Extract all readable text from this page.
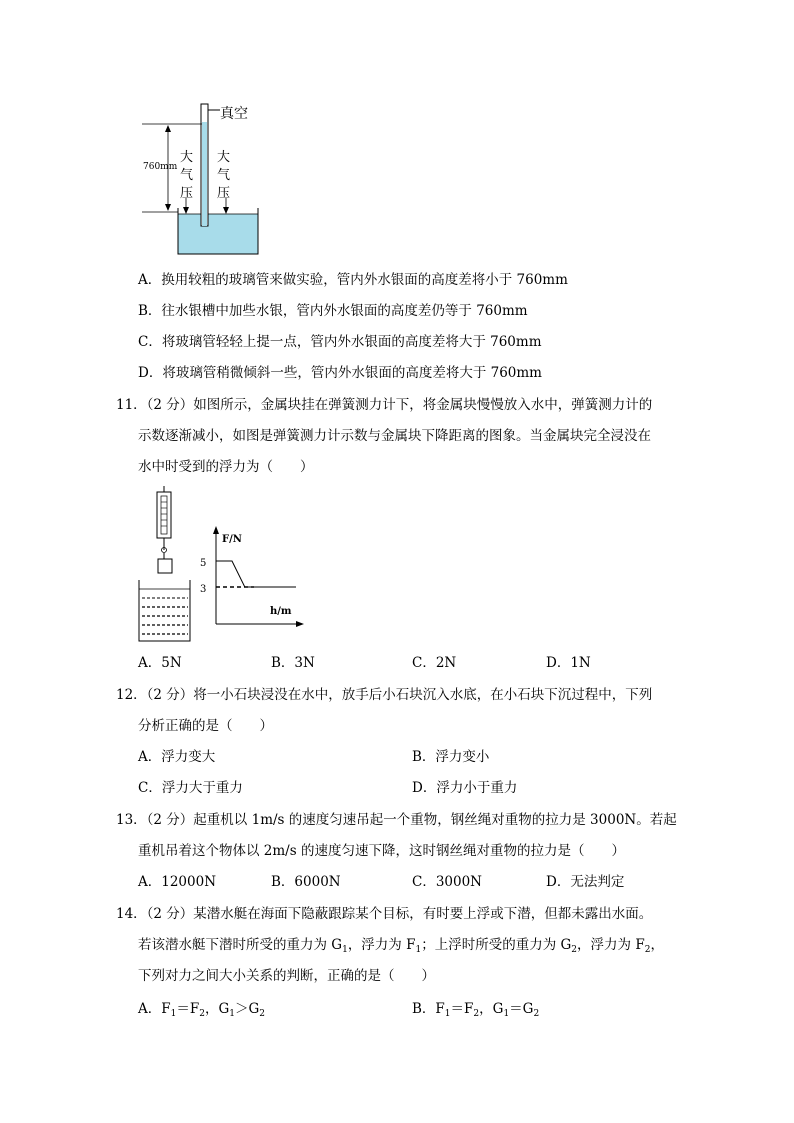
真空
760mm
大
气
压
大
气
压
A．换用较粗的玻璃管来做实验，管内外水银面的高度差将小于 760mm
B．往水银槽中加些水银，管内外水银面的高度差仍等于 760mm
C．将玻璃管轻轻上提一点，管内外水银面的高度差将大于 760mm
D．将玻璃管稍微倾斜一些，管内外水银面的高度差将大于 760mm
11．（2 分）如图所示，金属块挂在弹簧测力计下，将金属块慢慢放入水中，弹簧测力计的
示数逐渐减小，如图是弹簧测力计示数与金属块下降距离的图象。当金属块完全浸没在
水中时受到的浮力为（　　）
F/N
h/m
5
3
A．5N	B．3N	C．2N	D．1N
12．（2 分）将一小石块浸没在水中，放手后小石块沉入水底，在小石块下沉过程中，下列
分析正确的是（　　）
A．浮力变大	B．浮力变小
C．浮力大于重力	D．浮力小于重力
13．（2 分）起重机以 1m/s 的速度匀速吊起一个重物，钢丝绳对重物的拉力是 3000N。若起
重机吊着这个物体以 2m/s 的速度匀速下降，这时钢丝绳对重物的拉力是（　　）
A．12000N	B．6000N	C．3000N	D．无法判定
14．（2 分）某潜水艇在海面下隐蔽跟踪某个目标，有时要上浮或下潜，但都未露出水面。
若该潜水艇下潜时所受的重力为 $G_1$，浮力为 $F_1$；上浮时所受的重力为 $G_2$，浮力为 $F_2$，
下列对力之间大小关系的判断，正确的是（　　）
A．$F_1=F_2$，$G_1>G_2$	B．$F_1=F_2$，$G_1=G_2$
